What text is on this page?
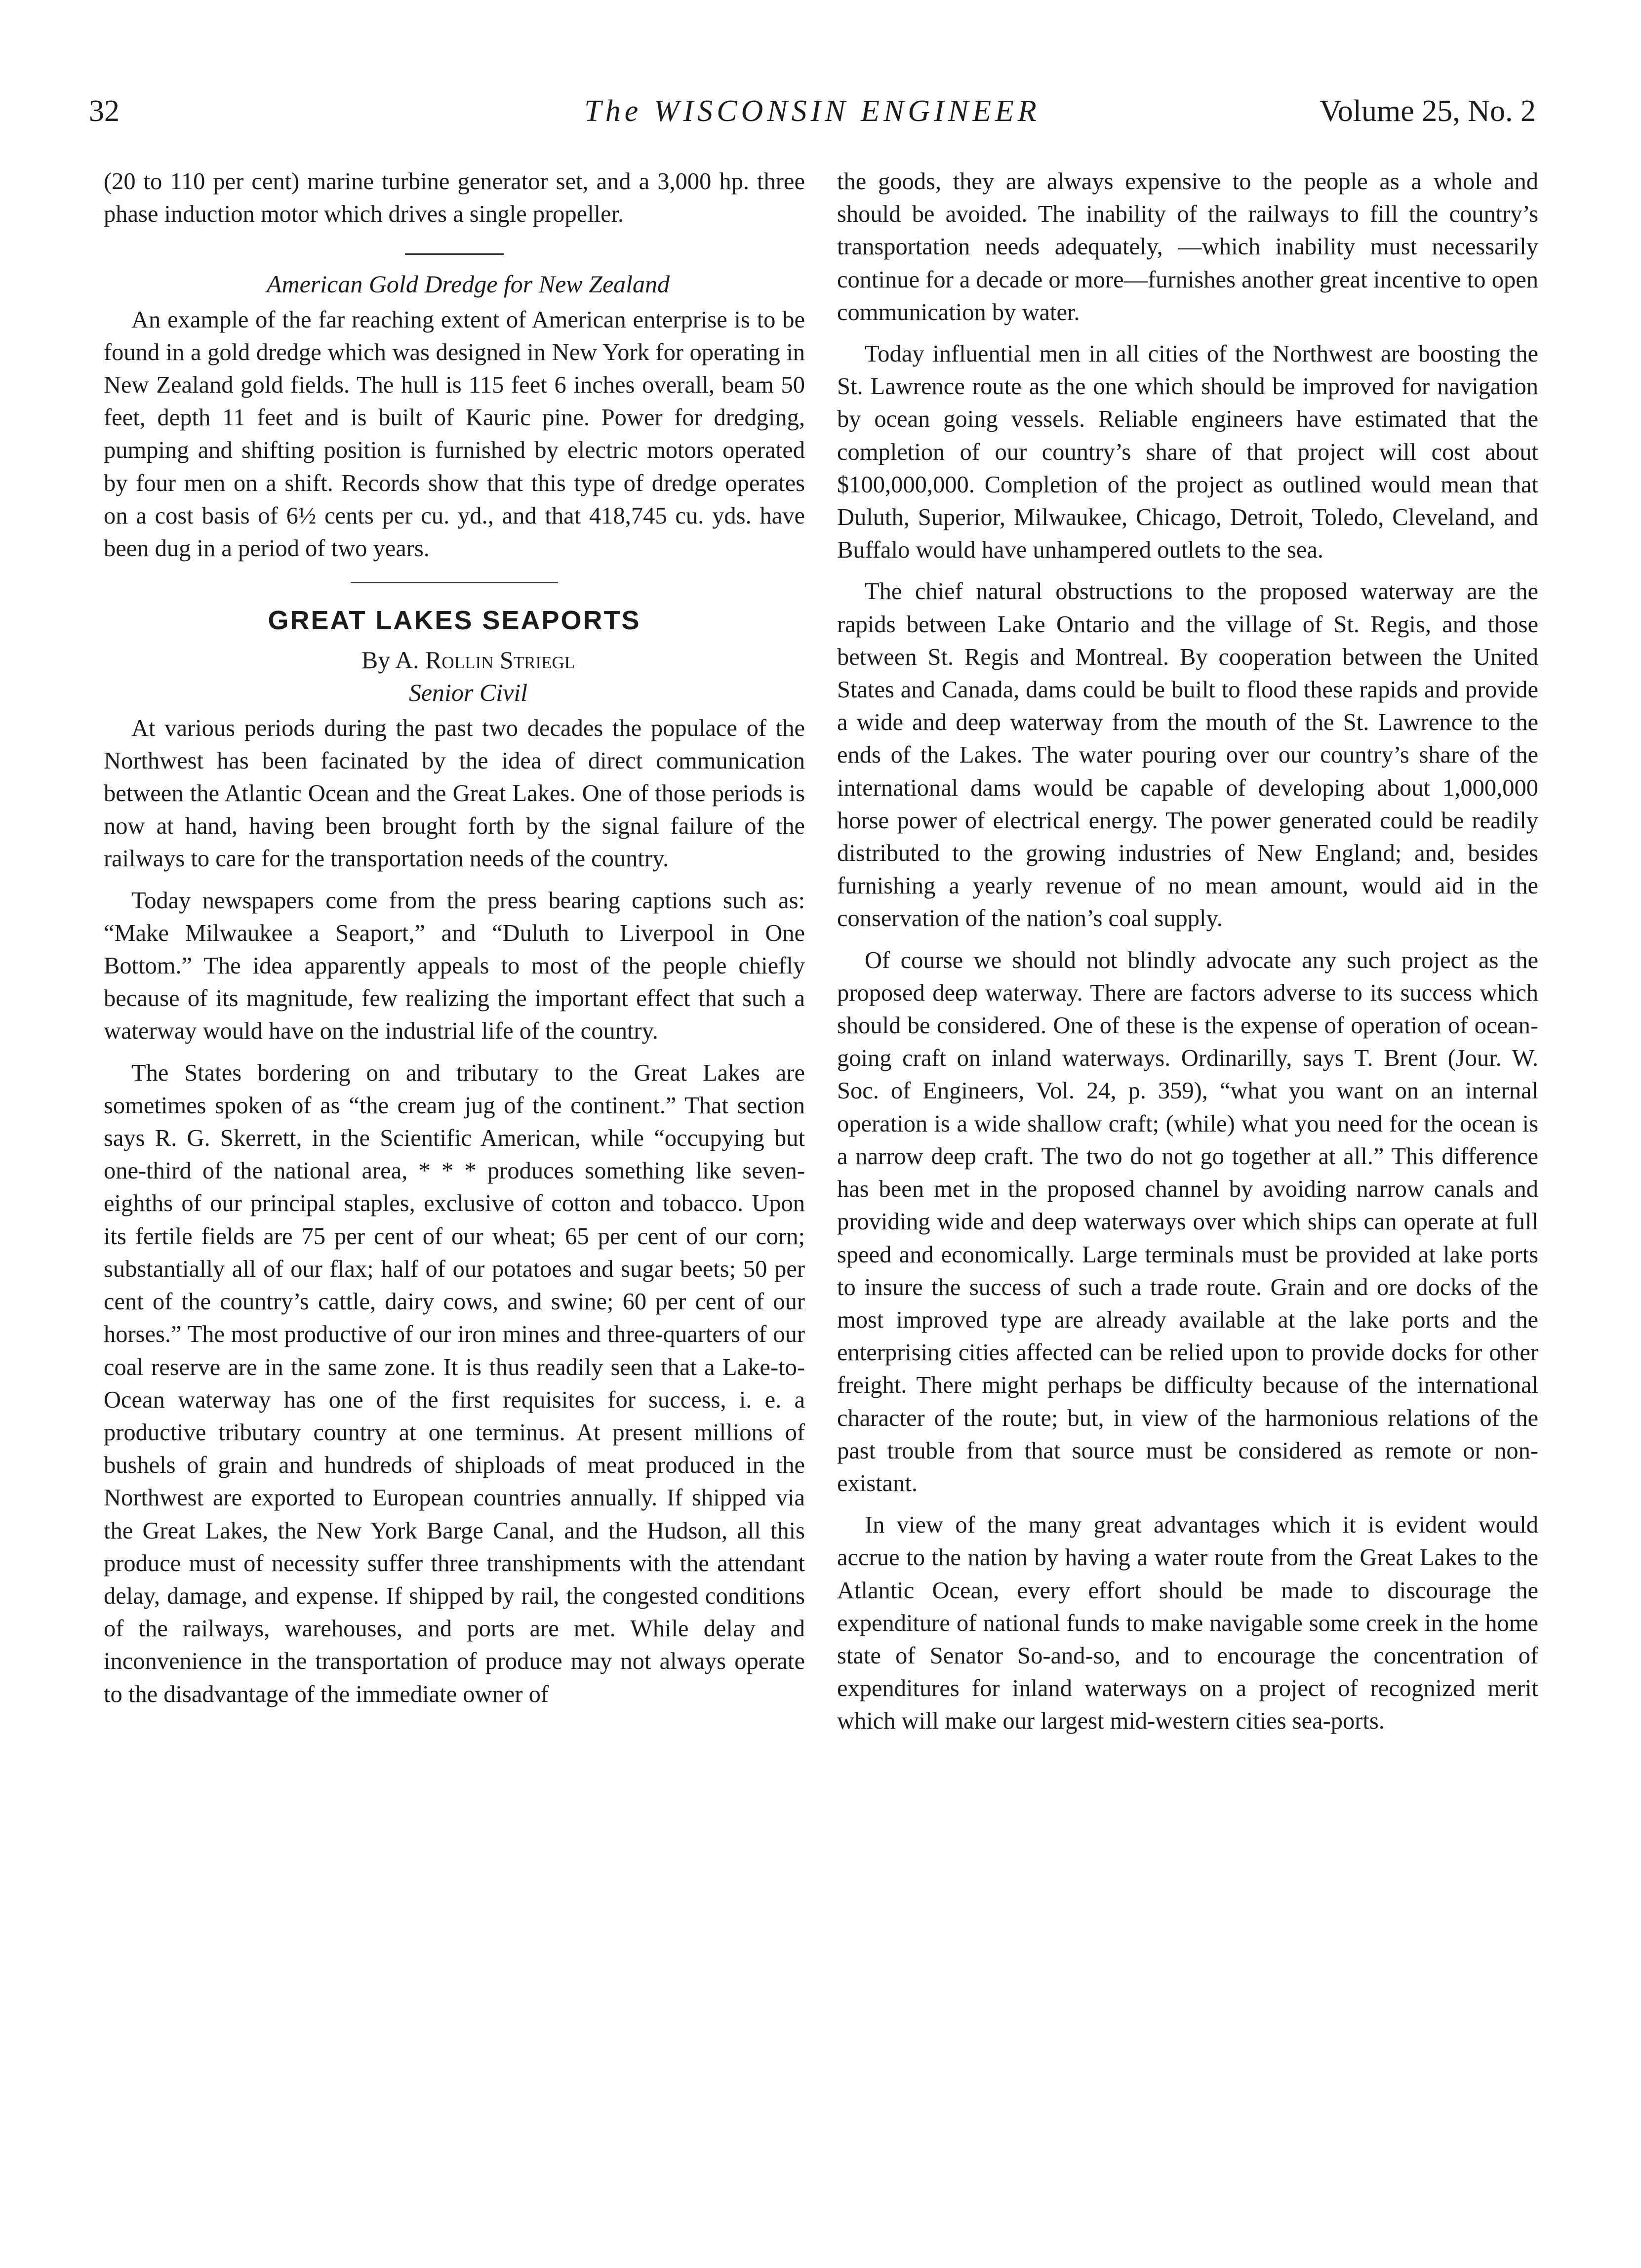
32	The WISCONSIN ENGINEER	Volume 25, No. 2

(20 to 110 per cent) marine turbine generator set, and a 3,000 hp. three phase induction motor which drives a single propeller.

American Gold Dredge for New Zealand

An example of the far reaching extent of American enterprise is to be found in a gold dredge which was designed in New York for operating in New Zealand gold fields. The hull is 115 feet 6 inches overall, beam 50 feet, depth 11 feet and is built of Kauric pine. Power for dredging, pumping and shifting position is furnished by electric motors operated by four men on a shift. Records show that this type of dredge operates on a cost basis of 6½ cents per cu. yd., and that 418,745 cu. yds. have been dug in a period of two years.

GREAT LAKES SEAPORTS

By A. Rollin Striegl

Senior Civil

At various periods during the past two decades the populace of the Northwest has been facinated by the idea of direct communication between the Atlantic Ocean and the Great Lakes. One of those periods is now at hand, having been brought forth by the signal failure of the railways to care for the transportation needs of the country.

Today newspapers come from the press bearing captions such as: “Make Milwaukee a Seaport,” and “Duluth to Liverpool in One Bottom.” The idea apparently appeals to most of the people chiefly because of its magnitude, few realizing the important effect that such a waterway would have on the industrial life of the country.

The States bordering on and tributary to the Great Lakes are sometimes spoken of as “the cream jug of the continent.” That section says R. G. Skerrett, in the Scientific American, while “occupying but one-third of the national area, * * * produces something like seven-eighths of our principal staples, exclusive of cotton and tobacco. Upon its fertile fields are 75 per cent of our wheat; 65 per cent of our corn; substantially all of our flax; half of our potatoes and sugar beets; 50 per cent of the country’s cattle, dairy cows, and swine; 60 per cent of our horses.” The most productive of our iron mines and three-quarters of our coal reserve are in the same zone. It is thus readily seen that a Lake-to-Ocean waterway has one of the first requisites for success, i. e. a productive tributary country at one terminus. At present millions of bushels of grain and hundreds of shiploads of meat produced in the Northwest are exported to European countries annually. If shipped via the Great Lakes, the New York Barge Canal, and the Hudson, all this produce must of necessity suffer three transhipments with the attendant delay, damage, and expense. If shipped by rail, the congested conditions of the railways, warehouses, and ports are met. While delay and inconvenience in the transportation of produce may not always operate to the disadvantage of the immediate owner of

the goods, they are always expensive to the people as a whole and should be avoided. The inability of the railways to fill the country’s transportation needs adequately, —which inability must necessarily continue for a decade or more—furnishes another great incentive to open communication by water.

Today influential men in all cities of the Northwest are boosting the St. Lawrence route as the one which should be improved for navigation by ocean going vessels. Reliable engineers have estimated that the completion of our country’s share of that project will cost about $100,000,000. Completion of the project as outlined would mean that Duluth, Superior, Milwaukee, Chicago, Detroit, Toledo, Cleveland, and Buffalo would have unhampered outlets to the sea.

The chief natural obstructions to the proposed waterway are the rapids between Lake Ontario and the village of St. Regis, and those between St. Regis and Montreal. By cooperation between the United States and Canada, dams could be built to flood these rapids and provide a wide and deep waterway from the mouth of the St. Lawrence to the ends of the Lakes. The water pouring over our country’s share of the international dams would be capable of developing about 1,000,000 horse power of electrical energy. The power generated could be readily distributed to the growing industries of New England; and, besides furnishing a yearly revenue of no mean amount, would aid in the conservation of the nation’s coal supply.

Of course we should not blindly advocate any such project as the proposed deep waterway. There are factors adverse to its success which should be considered. One of these is the expense of operation of ocean-going craft on inland waterways. Ordinarilly, says T. Brent (Jour. W. Soc. of Engineers, Vol. 24, p. 359), “what you want on an internal operation is a wide shallow craft; (while) what you need for the ocean is a narrow deep craft. The two do not go together at all.” This difference has been met in the proposed channel by avoiding narrow canals and providing wide and deep waterways over which ships can operate at full speed and economically. Large terminals must be provided at lake ports to insure the success of such a trade route. Grain and ore docks of the most improved type are already available at the lake ports and the enterprising cities affected can be relied upon to provide docks for other freight. There might perhaps be difficulty because of the international character of the route; but, in view of the harmonious relations of the past trouble from that source must be considered as remote or non-existant.

In view of the many great advantages which it is evident would accrue to the nation by having a water route from the Great Lakes to the Atlantic Ocean, every effort should be made to discourage the expenditure of national funds to make navigable some creek in the home state of Senator So-and-so, and to encourage the concentration of expenditures for inland waterways on a project of recognized merit which will make our largest mid-western cities sea-ports.
